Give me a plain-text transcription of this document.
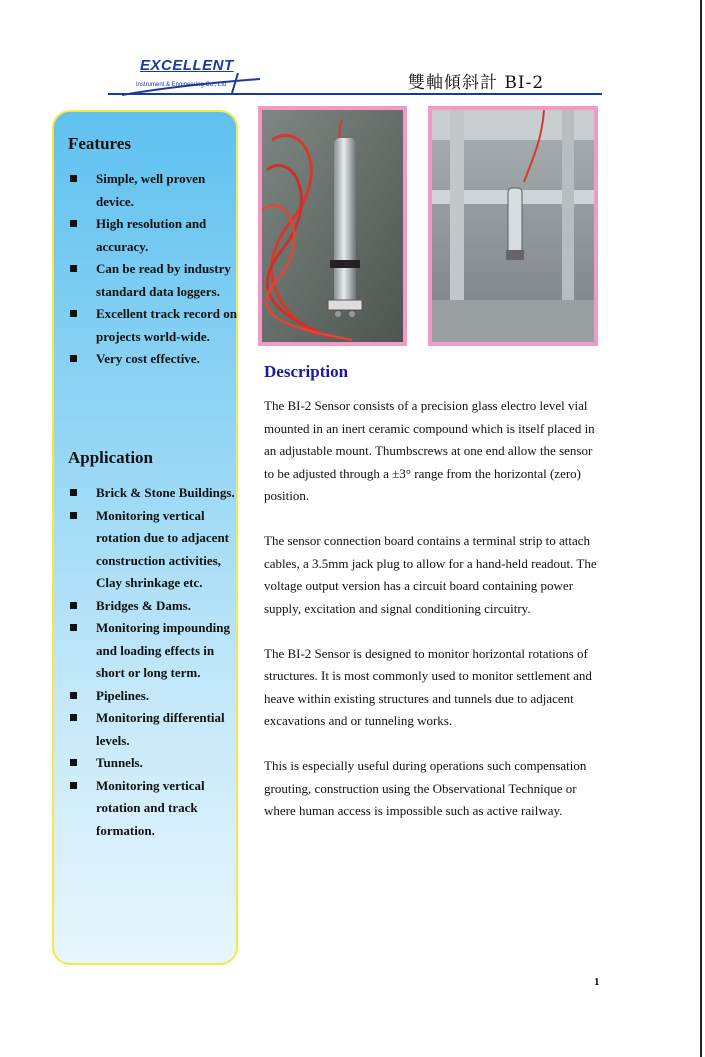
EXCELLENT
Instrument & Engineering Co., Ltd	雙軸傾斜計 BI-2
Features
Simple, well proven device.
High resolution and accuracy.
Can be read by industry standard data loggers.
Excellent track record on projects world-wide.
Very cost effective.
Application
Brick & Stone Buildings.
Monitoring vertical rotation due to adjacent construction activities, Clay shrinkage etc.
Bridges & Dams.
Monitoring impounding and loading effects in short or long term.
Pipelines.
Monitoring differential levels.
Tunnels.
Monitoring vertical rotation and track formation.
Description

The BI-2 Sensor consists of a precision glass electro level vial mounted in an inert ceramic compound which is itself placed in an adjustable mount. Thumbscrews at one end allow the sensor to be adjusted through a ±3° range from the horizontal (zero) position.

The sensor connection board contains a terminal strip to attach cables, a 3.5mm jack plug to allow for a hand-held readout. The voltage output version has a circuit board containing power supply, excitation and signal conditioning circuitry.

The BI-2 Sensor is designed to monitor horizontal rotations of structures. It is most commonly used to monitor settlement and heave within existing structures and tunnels due to adjacent excavations and or tunneling works.

This is especially useful during operations such compensation grouting, construction using the Observational Technique or where human access is impossible such as active railway.

1
